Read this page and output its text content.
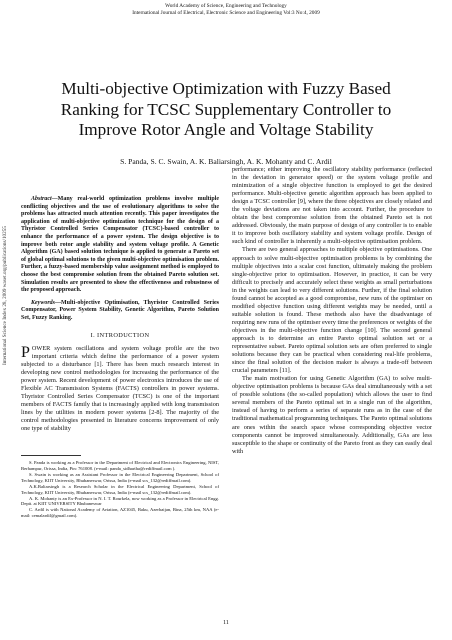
World Academy of Science, Engineering and Technology
International Journal of Electrical, Electronic Science and Engineering Vol:3 No:4, 2009
International Science Index 28, 2009 waset.org/publications/10255
Multi-objective Optimization with Fuzzy Based Ranking for TCSC Supplementary Controller to Improve Rotor Angle and Voltage Stability
S. Panda, S. C. Swain, A. K. Baliarsingh, A. K. Mohanty and C. Ardil

Abstract—Many real-world optimization problems involve multiple conflicting objectives and the use of evolutionary algorithms to solve the problems has attracted much attention recently. This paper investigates the application of multi-objective optimization technique for the design of a Thyristor Controlled Series Compensator (TCSC)-based controller to enhance the performance of a power system. The design objective is to improve both rotor angle stability and system voltage profile. A Genetic Algorithm (GA) based solution technique is applied to generate a Pareto set of global optimal solutions to the given multi-objective optimisation problem. Further, a fuzzy-based membership value assignment method is employed to choose the best compromise solution from the obtained Pareto solution set. Simulation results are presented to show the effectiveness and robustness of the proposed approach.

Keywords—Multi-objective Optimisation, Thyristor Controlled Series Compensator, Power System Stability, Genetic Algorithm, Pareto Solution Set, Fuzzy Ranking.

I. INTRODUCTION

POWER system oscillations and system voltage profile are the two important criteria which define the performance of a power system subjected to a disturbance [1]. There has been much research interest in developing new control methodologies for increasing the performance of the power system. Recent development of power electronics introduces the use of Flexible AC Transmission Systems (FACTS) controllers in power systems. Thyristor Controlled Series Compensator (TCSC) is one of the important members of FACTS family that is increasingly applied with long transmission lines by the utilities in modern power systems [2-8]. The majority of the control methodologies presented in literature concerns improvement of only one type of stability

S. Panda is working as a Professor in the Department of Electrical and Electronics Engineering, NIST, Berhampur, Orissa, India, Pin: 761008. (e-mail: panda_sidhartha@rediffmail.com ).

S. Swain is working as an Assistant Professor in the Electrical Engineering Department, School of Technology, KIIT University, Bhubaneswar, Orissa, India (e-mail scs_132@rediffmail.com).

A.K.Baliarsingh is a Research Scholar in the Electrical Engineering Department, School of Technology, KIIT University, Bhubaneswar, Orissa, India (e-mail scs_132@rediffmail.com).

A. K. Mohanty is an Ex-Professor in N. I. T. Rourkela, now working as a Professor in Electrical Engg. Deptt. at KIIT UNIVERSITY Bhubaneswar

C. Ardil is with National Academy of Aviation, AZ1045, Baku, Azerbaijan, Bina, 25th km, NAA (e-mail: cemalardil@gmail.com).

performance; either improving the oscillatory stability performance (reflected in the deviation in generator speed) or the system voltage profile and minimization of a single objective function is employed to get the desired performance. Multi-objective genetic algorithm approach has been applied to design a TCSC controller [9], where the three objectives are closely related and the voltage deviations are not taken into account. Further, the procedure to obtain the best compromise solution from the obtained Pareto set is not addressed. Obviously, the main purpose of design of any controller is to enable it to improve both oscillatory stability and system voltage profile. Design of such kind of controller is inherently a multi-objective optimisation problem.

There are two general approaches to multiple objective optimisations. One approach to solve multi-objective optimisation problems is by combining the multiple objectives into a scalar cost function, ultimately making the problem single-objective prior to optimisation. However, in practice, it can be very difficult to precisely and accurately select these weights as small perturbations in the weights can lead to very different solutions. Further, if the final solution found cannot be accepted as a good compromise, new runs of the optimiser on modified objective function using different weights may be needed, until a suitable solution is found. These methods also have the disadvantage of requiring new runs of the optimiser every time the preferences or weights of the objectives in the multi-objective function change [10]. The second general approach is to determine an entire Pareto optimal solution set or a representative subset. Pareto optimal solution sets are often preferred to single solutions because they can be practical when considering real-life problems, since the final solution of the decision maker is always a trade-off between crucial parameters [11].

The main motivation for using Genetic Algorithm (GA) to solve multi-objective optimisation problems is because GAs deal simultaneously with a set of possible solutions (the so-called population) which allows the user to find several members of the Pareto optimal set in a single run of the algorithm, instead of having to perform a series of separate runs as in the case of the traditional mathematical programming techniques. The Pareto optimal solutions are ones within the search space whose corresponding objective vector components cannot be improved simultaneously. Additionally, GAs are less susceptible to the shape or continuity of the Pareto front as they can easily deal with

11
